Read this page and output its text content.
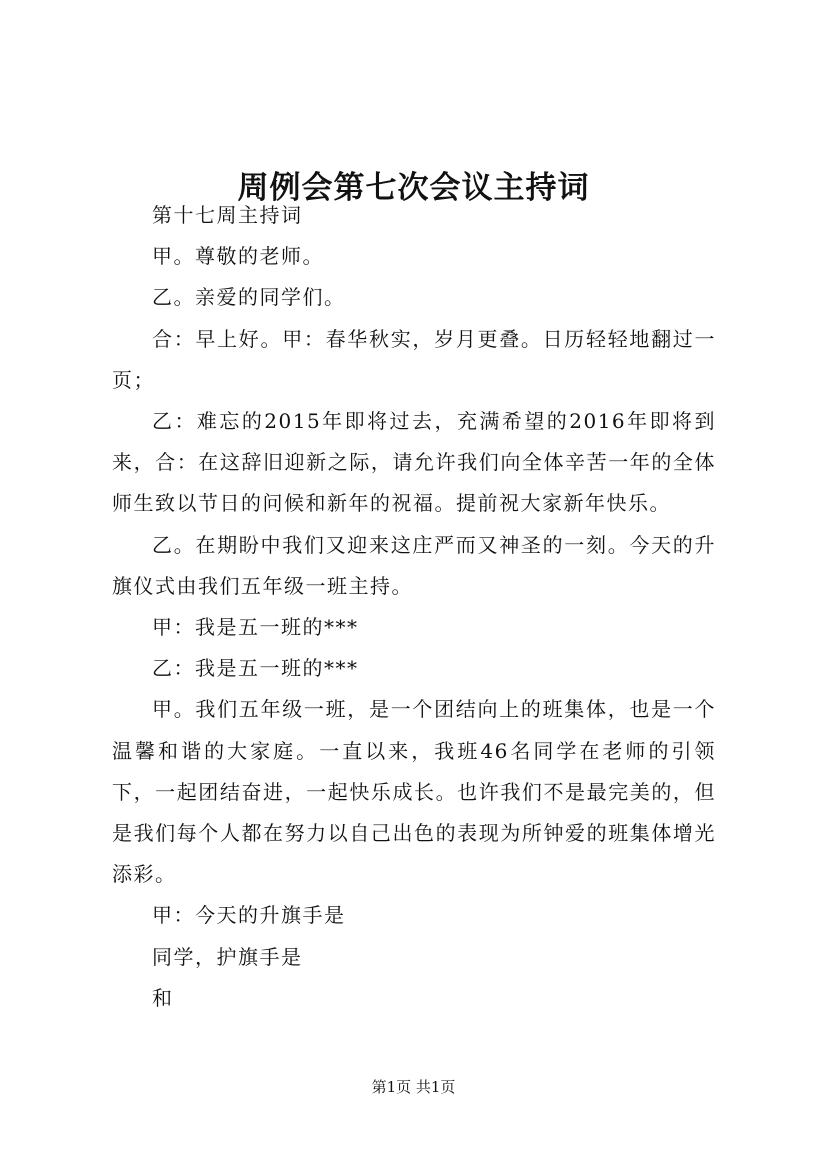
周例会第七次会议主持词

第十七周主持词

甲。尊敬的老师。

乙。亲爱的同学们。

合：早上好。甲：春华秋实，岁月更叠。日历轻轻地翻过一页；

乙：难忘的2015年即将过去，充满希望的2016年即将到来，合：在这辞旧迎新之际，请允许我们向全体辛苦一年的全体师生致以节日的问候和新年的祝福。提前祝大家新年快乐。

乙。在期盼中我们又迎来这庄严而又神圣的一刻。今天的升旗仪式由我们五年级一班主持。

甲：我是五一班的***

乙：我是五一班的***

甲。我们五年级一班，是一个团结向上的班集体，也是一个温馨和谐的大家庭。一直以来，我班46名同学在老师的引领下，一起团结奋进，一起快乐成长。也许我们不是最完美的，但是我们每个人都在努力以自己出色的表现为所钟爱的班集体增光添彩。

甲：今天的升旗手是

同学，护旗手是

和

第1页 共1页
